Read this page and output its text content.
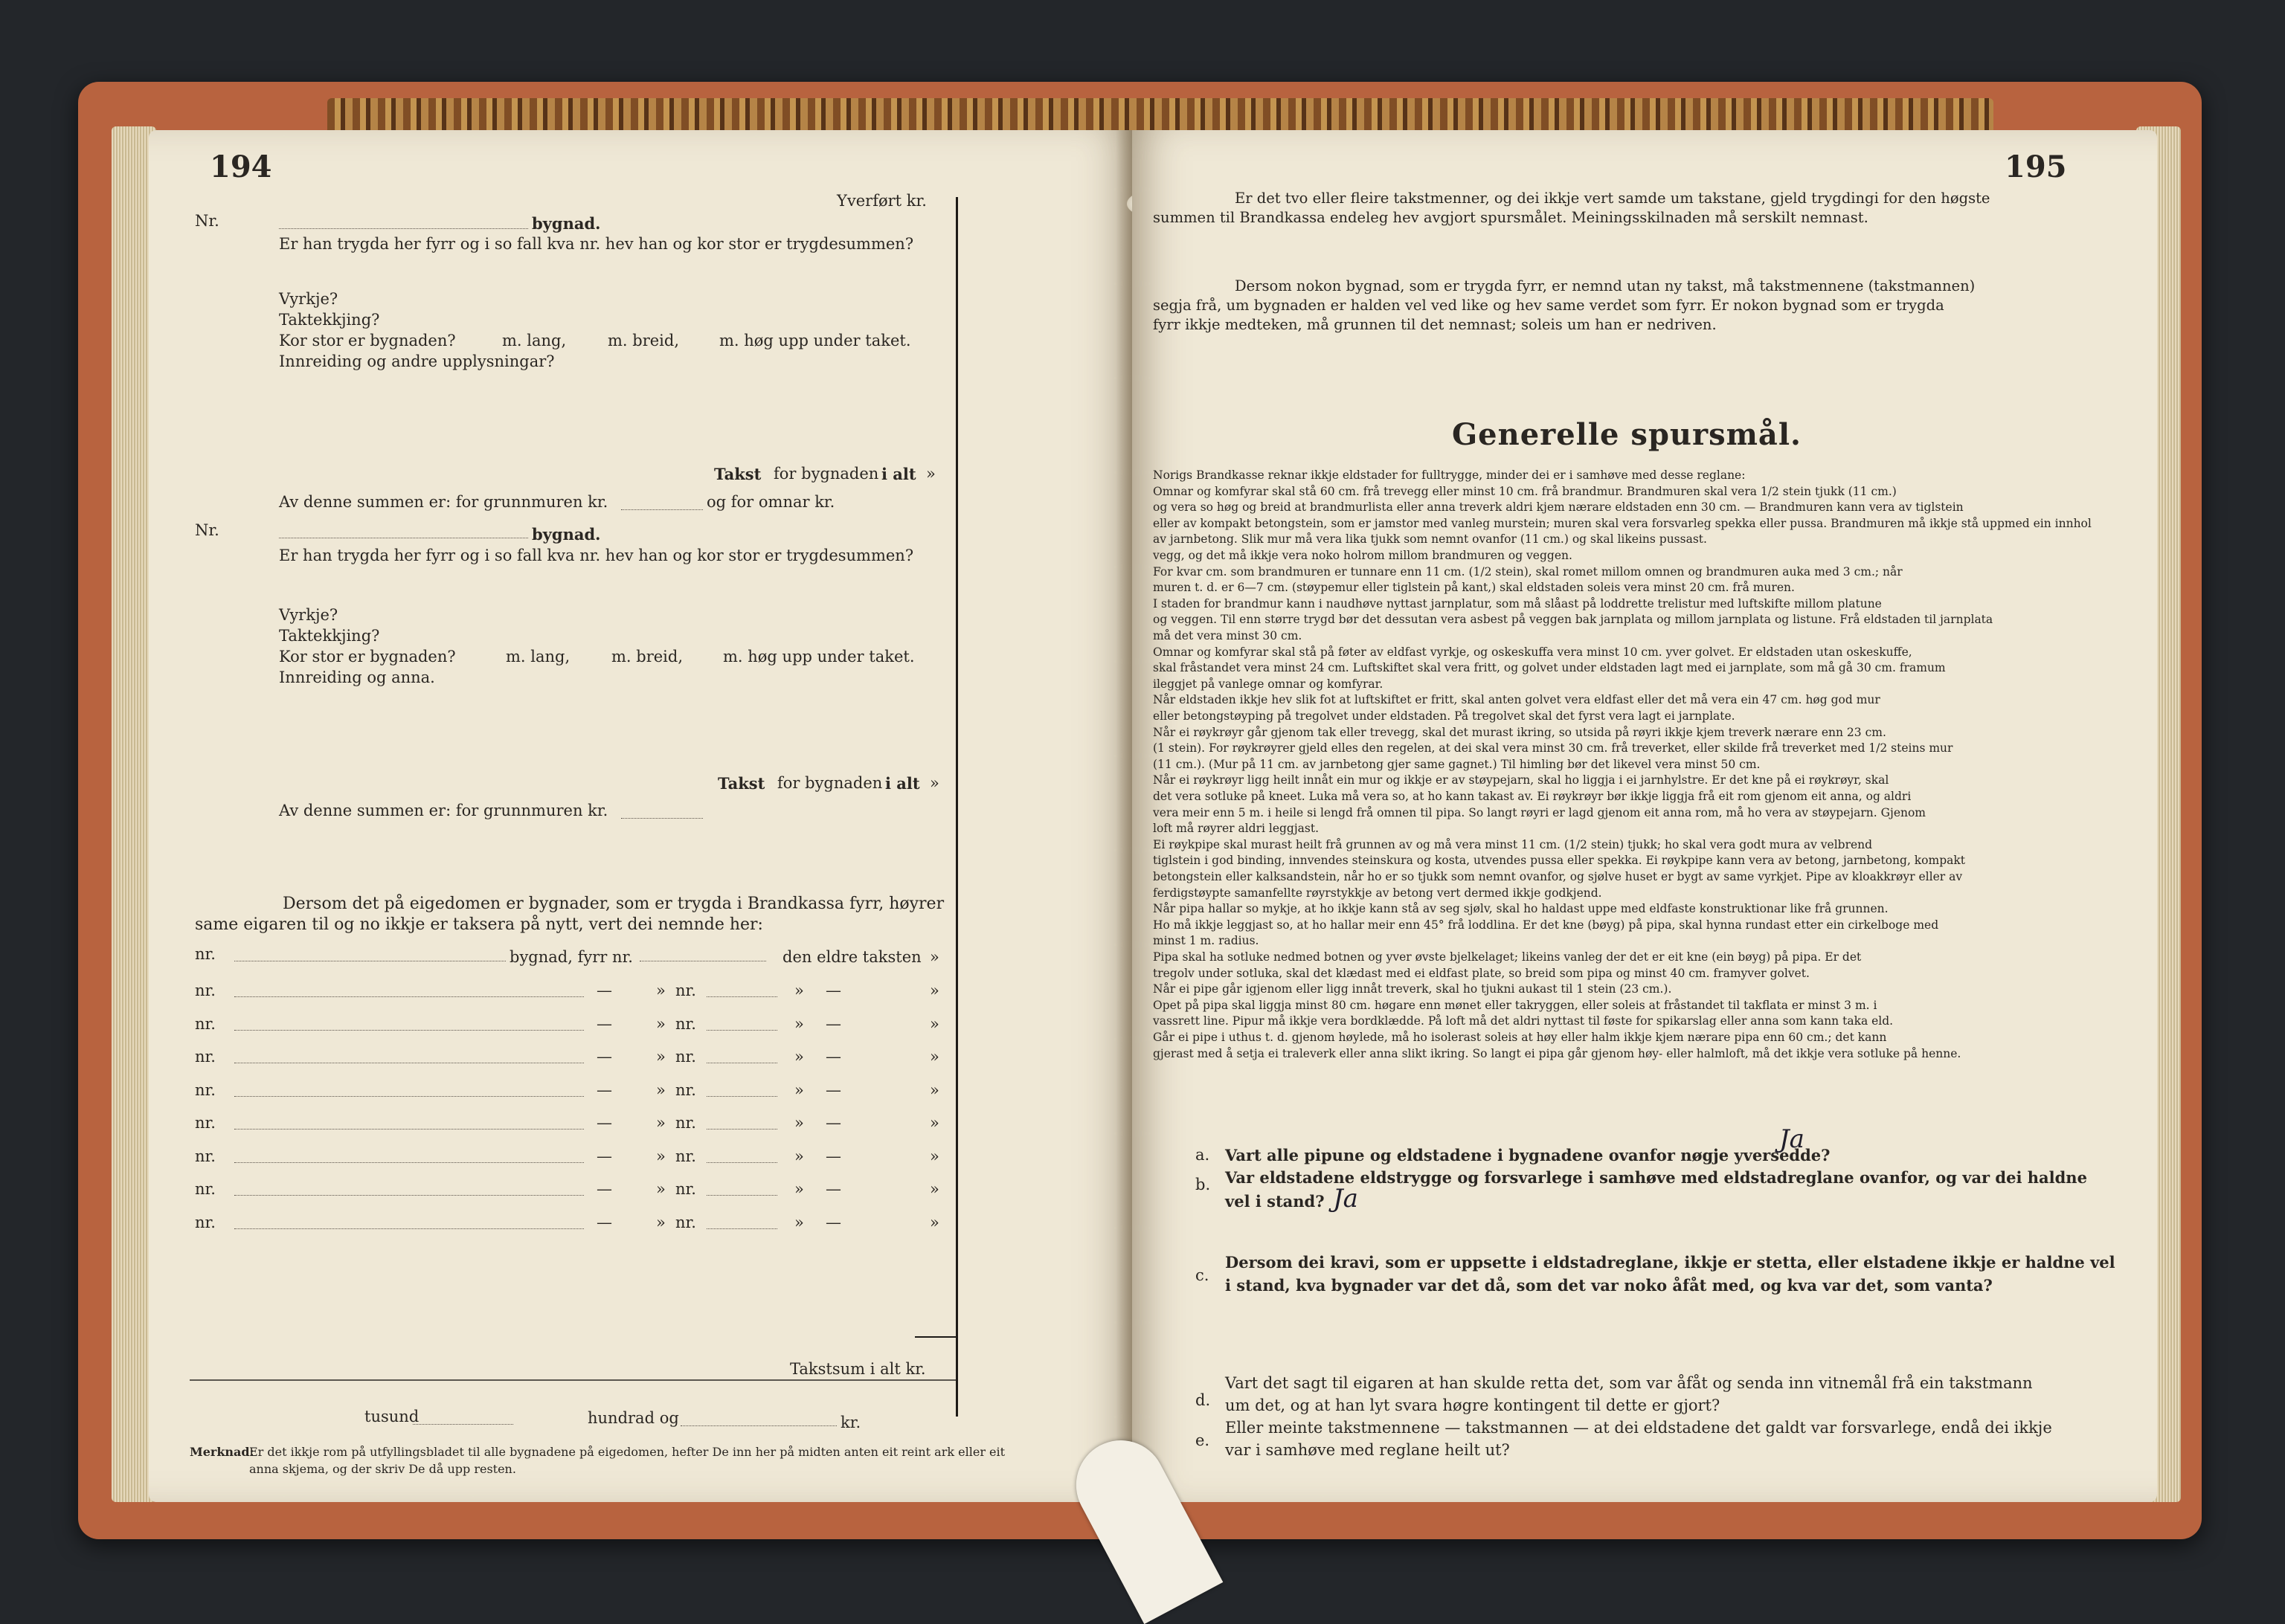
194
Yverført kr.
Nr.	bygnad.
Er han trygda her fyrr og i so fall kva nr. hev han og kor stor er trygdesummen?
Vyrkje?
Taktekkjing?
Kor stor er bygnaden?	m. lang,	m. breid,	m. høg upp under taket.
Innreiding og andre upplysningar?
Takst for bygnaden i alt »
Av denne summen er: for grunnmuren kr.	og for omnar kr.
Nr.	bygnad.
Er han trygda her fyrr og i so fall kva nr. hev han og kor stor er trygdesummen?
Vyrkje?
Taktekkjing?
Kor stor er bygnaden?	m. lang,	m. breid,	m. høg upp under taket.
Innreiding og anna.
Takst for bygnaden i alt »
Av denne summen er: for grunnmuren kr.
Dersom det på eigedomen er bygnader, som er trygda i Brandkassa fyrr, høyrer
same eigaren til og no ikkje er taksera på nytt, vert dei nemnde her:
nr.	bygnad, fyrr nr.	den eldre taksten »
nr.	—	» nr.	» —	»
nr.	—	» nr.	» —	»
nr.	—	» nr.	» —	»
nr.	—	» nr.	» —	»
nr.	—	» nr.	» —	»
nr.	—	» nr.	» —	»
nr.	—	» nr.	» —	»
nr.	—	» nr.	» —	»
Takstsum i alt kr.
tusund	hundrad og	kr.
Merknad:
Er det ikkje rom på utfyllingsbladet til alle bygnadene på eigedomen, hefter De inn her på midten anten eit reint ark eller eit
anna skjema, og der skriv De då upp resten.
195
Er det tvo eller fleire takstmenner, og dei ikkje vert samde um takstane, gjeld trygdingi for den høgste
summen til Brandkassa endeleg hev avgjort spursmålet. Meiningsskilnaden må serskilt nemnast.
Dersom nokon bygnad, som er trygda fyrr, er nemnd utan ny takst, må takstmennene (takstmannen)
segja frå, um bygnaden er halden vel ved like og hev same verdet som fyrr. Er nokon bygnad som er trygda
fyrr ikkje medteken, må grunnen til det nemnast; soleis um han er nedriven.
Generelle spursmål.
Norigs Brandkasse reknar ikkje eldstader for fulltrygge, minder dei er i samhøve med desse reglane:
Omnar og komfyrar skal stå 60 cm. frå trevegg eller minst 10 cm. frå brandmur. Brandmuren skal vera 1/2 stein tjukk (11 cm.)
og vera so høg og breid at brandmurlista eller anna treverk aldri kjem nærare eldstaden enn 30 cm. — Brandmuren kann vera av tiglstein
eller av kompakt betongstein, som er jamstor med vanleg murstein; muren skal vera forsvarleg spekka eller pussa. Brandmuren må ikkje stå uppmed ein innhol
av jarnbetong. Slik mur må vera lika tjukk som nemnt ovanfor (11 cm.) og skal likeins pussast.
vegg, og det må ikkje vera noko holrom millom brandmuren og veggen.
For kvar cm. som brandmuren er tunnare enn 11 cm. (1/2 stein), skal romet millom omnen og brandmuren auka med 3 cm.; når
muren t. d. er 6—7 cm. (støypemur eller tiglstein på kant,) skal eldstaden soleis vera minst 20 cm. frå muren.
I staden for brandmur kann i naudhøve nyttast jarnplatur, som må slåast på loddrette trelistur med luftskifte millom platune
og veggen. Til enn større trygd bør det dessutan vera asbest på veggen bak jarnplata og millom jarnplata og listune. Frå eldstaden til jarnplata
må det vera minst 30 cm.
Omnar og komfyrar skal stå på føter av eldfast vyrkje, og oskeskuffa vera minst 10 cm. yver golvet. Er eldstaden utan oskeskuffe,
skal fråstandet vera minst 24 cm. Luftskiftet skal vera fritt, og golvet under eldstaden lagt med ei jarnplate, som må gå 30 cm. framum
ileggjet på vanlege omnar og komfyrar.
Når eldstaden ikkje hev slik fot at luftskiftet er fritt, skal anten golvet vera eldfast eller det må vera ein 47 cm. høg god mur
eller betongstøyping på tregolvet under eldstaden. På tregolvet skal det fyrst vera lagt ei jarnplate.
Når ei røykrøyr går gjenom tak eller trevegg, skal det murast ikring, so utsida på røyri ikkje kjem treverk nærare enn 23 cm.
(1 stein). For røykrøyrer gjeld elles den regelen, at dei skal vera minst 30 cm. frå treverket, eller skilde frå treverket med 1/2 steins mur
(11 cm.). (Mur på 11 cm. av jarnbetong gjer same gagnet.) Til himling bør det likevel vera minst 50 cm.
Når ei røykrøyr ligg heilt innåt ein mur og ikkje er av støypejarn, skal ho liggja i ei jarnhylstre. Er det kne på ei røykrøyr, skal
det vera sotluke på kneet. Luka må vera so, at ho kann takast av. Ei røykrøyr bør ikkje liggja frå eit rom gjenom eit anna, og aldri
vera meir enn 5 m. i heile si lengd frå omnen til pipa. So langt røyri er lagd gjenom eit anna rom, må ho vera av støypejarn. Gjenom
loft må røyrer aldri leggjast.
Ei røykpipe skal murast heilt frå grunnen av og må vera minst 11 cm. (1/2 stein) tjukk; ho skal vera godt mura av velbrend
tiglstein i god binding, innvendes steinskura og kosta, utvendes pussa eller spekka. Ei røykpipe kann vera av betong, jarnbetong, kompakt
betongstein eller kalksandstein, når ho er so tjukk som nemnt ovanfor, og sjølve huset er bygt av same vyrkjet. Pipe av kloakkrøyr eller av
ferdigstøypte samanfellte røyrstykkje av betong vert dermed ikkje godkjend.
Når pipa hallar so mykje, at ho ikkje kann stå av seg sjølv, skal ho haldast uppe med eldfaste konstruktionar like frå grunnen.
Ho må ikkje leggjast so, at ho hallar meir enn 45° frå loddlina. Er det kne (bøyg) på pipa, skal hynna rundast etter ein cirkelboge med
minst 1 m. radius.
Pipa skal ha sotluke nedmed botnen og yver øvste bjelkelaget; likeins vanleg der det er eit kne (ein bøyg) på pipa. Er det
tregolv under sotluka, skal det klædast med ei eldfast plate, so breid som pipa og minst 40 cm. framyver golvet.
Når ei pipe går igjenom eller ligg innåt treverk, skal ho tjukni aukast til 1 stein (23 cm.).
Opet på pipa skal liggja minst 80 cm. høgare enn mønet eller takryggen, eller soleis at fråstandet til takflata er minst 3 m. i
vassrett line. Pipur må ikkje vera bordklædde. På loft må det aldri nyttast til føste for spikarslag eller anna som kann taka eld.
Går ei pipe i uthus t. d. gjenom høylede, må ho isolerast soleis at høy eller halm ikkje kjem nærare pipa enn 60 cm.; det kann
gjerast med å setja ei traleverk eller anna slikt ikring. So langt ei pipa går gjenom høy- eller halmloft, må det ikkje vera sotluke på henne.
a. Vart alle pipune og eldstadene i bygnadene ovanfor nøgje yversedde?
Ja
b. Var eldstadene eldstrygge og forsvarlege i samhøve med eldstadreglane ovanfor, og var dei haldne
vel i stand? Ja
c.
Dersom dei kravi, som er uppsette i eldstadreglane, ikkje er stetta, eller elstadene ikkje er haldne vel
i stand, kva bygnader var det då, som det var noko åfåt med, og kva var det, som vanta?
d.
Vart det sagt til eigaren at han skulde retta det, som var åfåt og senda inn vitnemål frå ein takstmann
um det, og at han lyt svara høgre kontingent til dette er gjort?
e.
Eller meinte takstmennene — takstmannen — at dei eldstadene det galdt var forsvarlege, endå dei ikkje
var i samhøve med reglane heilt ut?
